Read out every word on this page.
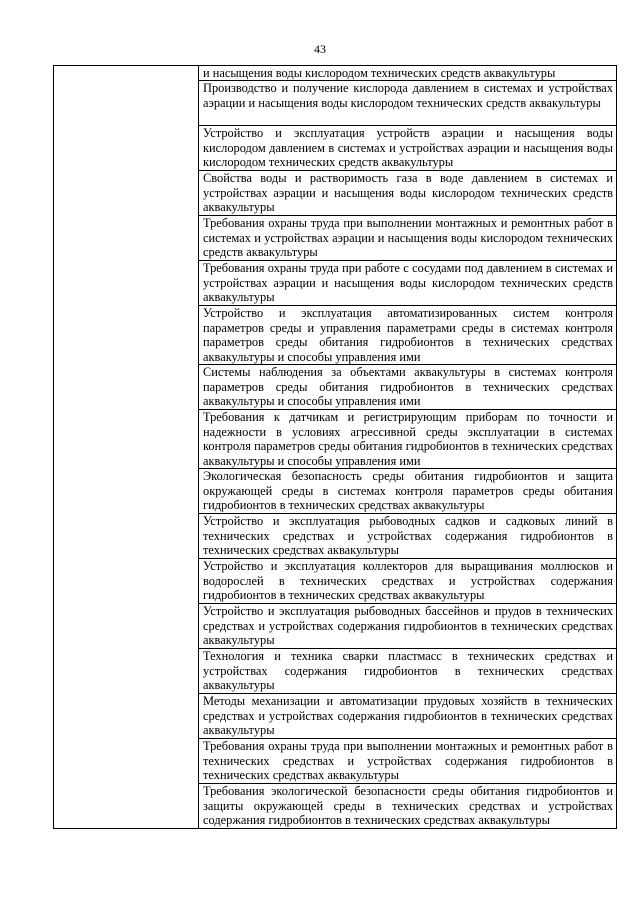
43

и насыщения воды кислородом технических средств аквакультуры
Производство и получение кислорода давлением в системах и устройствах аэрации и насыщения воды кислородом технических средств аквакультуры
Устройство и эксплуатация устройств аэрации и насыщения воды кислородом давлением в системах и устройствах аэрации и насыщения воды кислородом технических средств аквакультуры
Свойства воды и растворимость газа в воде давлением в системах и устройствах аэрации и насыщения воды кислородом технических средств аквакультуры
Требования охраны труда при выполнении монтажных и ремонтных работ в системах и устройствах аэрации и насыщения воды кислородом технических средств аквакультуры
Требования охраны труда при работе с сосудами под давлением в системах и устройствах аэрации и насыщения воды кислородом технических средств аквакультуры
Устройство и эксплуатация автоматизированных систем контроля параметров среды и управления параметрами среды в системах контроля параметров среды обитания гидробионтов в технических средствах аквакультуры и способы управления ими
Системы наблюдения за объектами аквакультуры в системах контроля параметров среды обитания гидробионтов в технических средствах аквакультуры и способы управления ими
Требования к датчикам и регистрирующим приборам по точности и надежности в условиях агрессивной среды эксплуатации в системах контроля параметров среды обитания гидробионтов в технических средствах аквакультуры и способы управления ими
Экологическая безопасность среды обитания гидробионтов и защита окружающей среды в системах контроля параметров среды обитания гидробионтов в технических средствах аквакультуры
Устройство и эксплуатация рыбоводных садков и садковых линий в технических средствах и устройствах содержания гидробионтов в технических средствах аквакультуры
Устройство и эксплуатация коллекторов для выращивания моллюсков и водорослей в технических средствах и устройствах содержания гидробионтов в технических средствах аквакультуры
Устройство и эксплуатация рыбоводных бассейнов и прудов в технических средствах и устройствах содержания гидробионтов в технических средствах аквакультуры
Технология и техника сварки пластмасс в технических средствах и устройствах содержания гидробионтов в технических средствах аквакультуры
Методы механизации и автоматизации прудовых хозяйств в технических средствах и устройствах содержания гидробионтов в технических средствах аквакультуры
Требования охраны труда при выполнении монтажных и ремонтных работ в технических средствах и устройствах содержания гидробионтов в технических средствах аквакультуры
Требования экологической безопасности среды обитания гидробионтов и защиты окружающей среды в технических средствах и устройствах содержания гидробионтов в технических средствах аквакультуры
